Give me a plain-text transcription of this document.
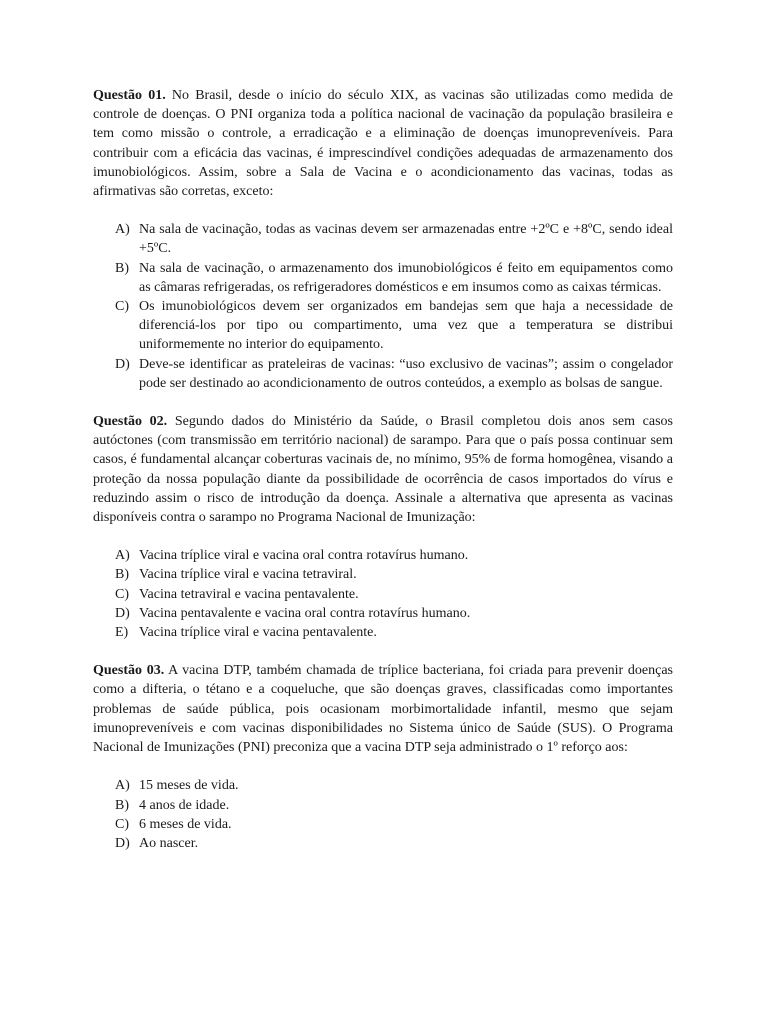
Questão 01. No Brasil, desde o início do século XIX, as vacinas são utilizadas como medida de controle de doenças. O PNI organiza toda a política nacional de vacinação da população brasileira e tem como missão o controle, a erradicação e a eliminação de doenças imunopreveníveis. Para contribuir com a eficácia das vacinas, é imprescindível condições adequadas de armazenamento dos imunobiológicos. Assim, sobre a Sala de Vacina e o acondicionamento das vacinas, todas as afirmativas são corretas, exceto:

A) Na sala de vacinação, todas as vacinas devem ser armazenadas entre +2ºC e +8ºC, sendo ideal +5ºC.
B) Na sala de vacinação, o armazenamento dos imunobiológicos é feito em equipamentos como as câmaras refrigeradas, os refrigeradores domésticos e em insumos como as caixas térmicas.
C) Os imunobiológicos devem ser organizados em bandejas sem que haja a necessidade de diferenciá-los por tipo ou compartimento, uma vez que a temperatura se distribui uniformemente no interior do equipamento.
D) Deve-se identificar as prateleiras de vacinas: “uso exclusivo de vacinas”; assim o congelador pode ser destinado ao acondicionamento de outros conteúdos, a exemplo as bolsas de sangue.

Questão 02. Segundo dados do Ministério da Saúde, o Brasil completou dois anos sem casos autóctones (com transmissão em território nacional) de sarampo. Para que o país possa continuar sem casos, é fundamental alcançar coberturas vacinais de, no mínimo, 95% de forma homogênea, visando a proteção da nossa população diante da possibilidade de ocorrência de casos importados do vírus e reduzindo assim o risco de introdução da doença. Assinale a alternativa que apresenta as vacinas disponíveis contra o sarampo no Programa Nacional de Imunização:

A) Vacina tríplice viral e vacina oral contra rotavírus humano.
B) Vacina tríplice viral e vacina tetraviral.
C) Vacina tetraviral e vacina pentavalente.
D) Vacina pentavalente e vacina oral contra rotavírus humano.
E) Vacina tríplice viral e vacina pentavalente.

Questão 03. A vacina DTP, também chamada de tríplice bacteriana, foi criada para prevenir doenças como a difteria, o tétano e a coqueluche, que são doenças graves, classificadas como importantes problemas de saúde pública, pois ocasionam morbimortalidade infantil, mesmo que sejam imunopreveníveis e com vacinas disponibilidades no Sistema único de Saúde (SUS). O Programa Nacional de Imunizações (PNI) preconiza que a vacina DTP seja administrado o 1º reforço aos:

A) 15 meses de vida.
B) 4 anos de idade.
C) 6 meses de vida.
D) Ao nascer.
